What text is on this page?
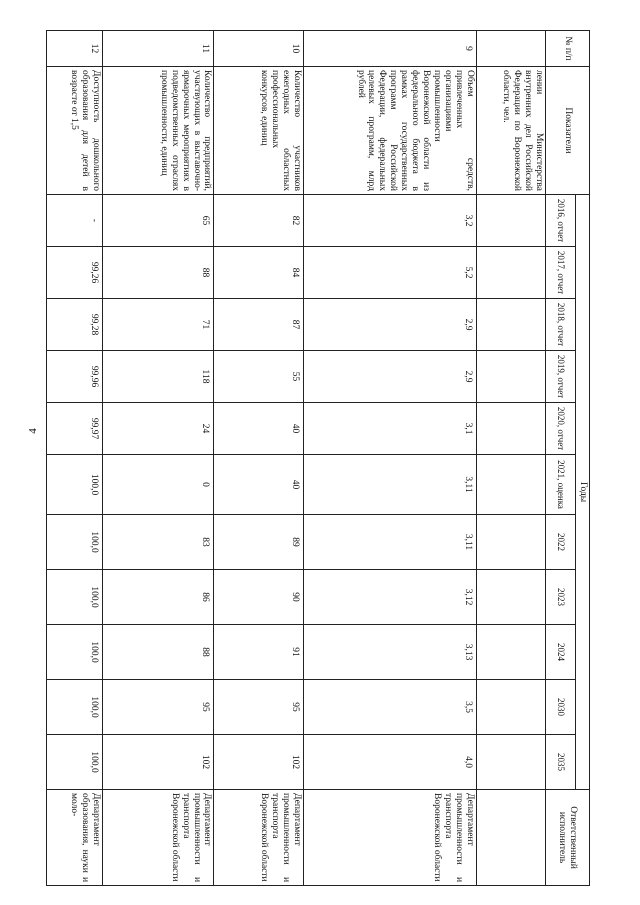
4
№ п/п	Показатели	Годы											Ответственный исполнитель
		2016, отчет	2017, отчет	2018, отчет	2019, отчет	2020, отчет	2021, оценка	2022	2023	2024	2030	2035	
	лении Министерства внутренних дел Российской Федерации по Воронежской области, чел.												
9	Объем средств, привлеченных организациями промышленности Воронежской области из федерального бюджета в рамках государственных программ Российской Федерации, федеральных целевых программ, млрд рублей	3,2	5,2	2,9	2,9	3,1	3,11	3,11	3,12	3,13	3,5	4,0	Департамент промышленности и транспорта Воронежской области
10	Количество участников ежегодных областных профессиональных конкурсов, единиц	82	84	87	55	40	40	89	90	91	95	102	Департамент промышленности и транспорта Воронежской области
11	Количество предприятий, участвующих в выставочно-ярмарочных мероприятиях в подведомственных отраслях промышленности, единиц	65	88	71	118	24	0	83	86	88	95	102	Департамент промышленности и транспорта Воронежской области
12	Доступность дошкольного образования для детей в возрасте от 1,5	-	99,26	99,28	99,96	99,97	100,0	100,0	100,0	100,0	100,0	100,0	Департамент образования, науки и моло-
